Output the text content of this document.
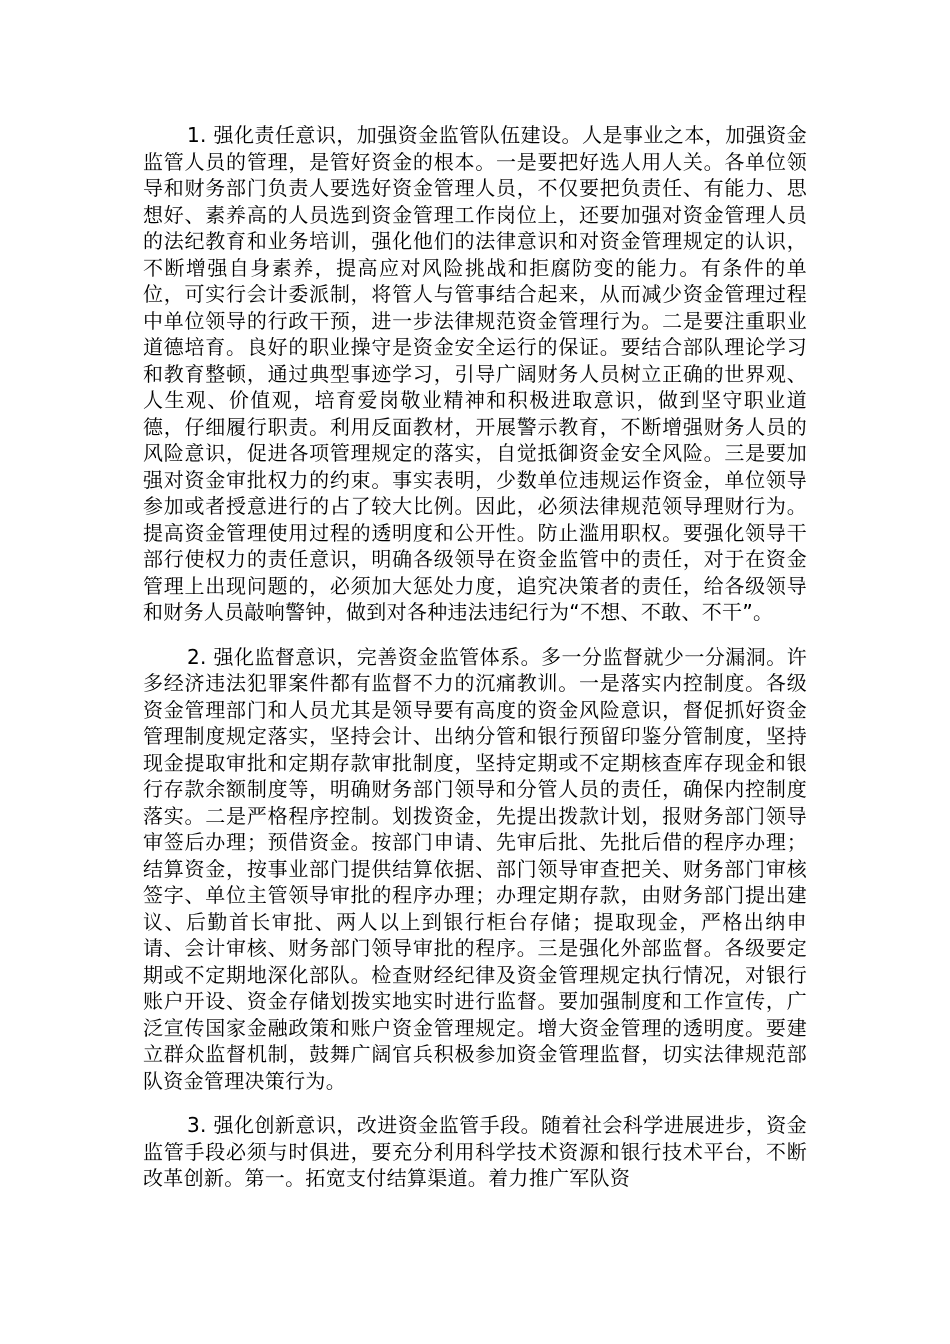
1. 强化责任意识，加强资金监管队伍建设。人是事业之本，加强资金监管人员的管理，是管好资金的根本。一是要把好选人用人关。各单位领导和财务部门负责人要选好资金管理人员，不仅要把负责任、有能力、思想好、素养高的人员选到资金管理工作岗位上，还要加强对资金管理人员的法纪教育和业务培训，强化他们的法律意识和对资金管理规定的认识，不断增强自身素养，提高应对风险挑战和拒腐防变的能力。有条件的单位，可实行会计委派制，将管人与管事结合起来，从而减少资金管理过程中单位领导的行政干预，进一步法律规范资金管理行为。二是要注重职业道德培育。良好的职业操守是资金安全运行的保证。要结合部队理论学习和教育整顿，通过典型事迹学习，引导广阔财务人员树立正确的世界观、人生观、价值观，培育爱岗敬业精神和积极进取意识，做到坚守职业道德，仔细履行职责。利用反面教材，开展警示教育，不断增强财务人员的风险意识，促进各项管理规定的落实，自觉抵御资金安全风险。三是要加强对资金审批权力的约束。事实表明，少数单位违规运作资金，单位领导参加或者授意进行的占了较大比例。因此，必须法律规范领导理财行为。提高资金管理使用过程的透明度和公开性。防止滥用职权。要强化领导干部行使权力的责任意识，明确各级领导在资金监管中的责任，对于在资金管理上出现问题的，必须加大惩处力度，追究决策者的责任，给各级领导和财务人员敲响警钟，做到对各种违法违纪行为“不想、不敢、不干”。

2. 强化监督意识，完善资金监管体系。多一分监督就少一分漏洞。许多经济违法犯罪案件都有监督不力的沉痛教训。一是落实内控制度。各级资金管理部门和人员尤其是领导要有高度的资金风险意识，督促抓好资金管理制度规定落实，坚持会计、出纳分管和银行预留印鉴分管制度，坚持现金提取审批和定期存款审批制度，坚持定期或不定期核查库存现金和银行存款余额制度等，明确财务部门领导和分管人员的责任，确保内控制度落实。二是严格程序控制。划拨资金，先提出拨款计划，报财务部门领导审签后办理；预借资金。按部门申请、先审后批、先批后借的程序办理；结算资金，按事业部门提供结算依据、部门领导审查把关、财务部门审核签字、单位主管领导审批的程序办理；办理定期存款，由财务部门提出建议、后勤首长审批、两人以上到银行柜台存储；提取现金，严格出纳申请、会计审核、财务部门领导审批的程序。三是强化外部监督。各级要定期或不定期地深化部队。检查财经纪律及资金管理规定执行情况，对银行账户开设、资金存储划拨实地实时进行监督。要加强制度和工作宣传，广泛宣传国家金融政策和账户资金管理规定。增大资金管理的透明度。要建立群众监督机制，鼓舞广阔官兵积极参加资金管理监督，切实法律规范部队资金管理决策行为。

3. 强化创新意识，改进资金监管手段。随着社会科学进展进步，资金监管手段必须与时俱进，要充分利用科学技术资源和银行技术平台，不断改革创新。第一。拓宽支付结算渠道。着力推广军队资
